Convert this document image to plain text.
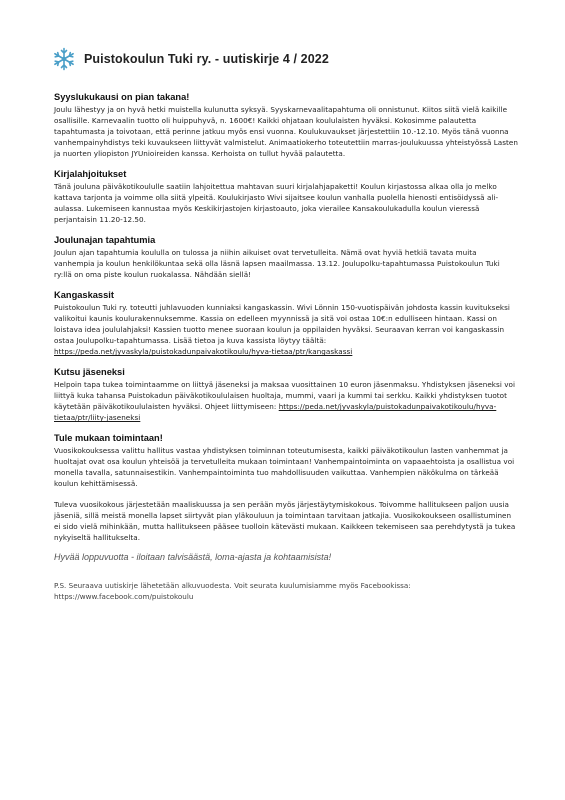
Puistokoulun Tuki ry. - uutiskirje 4 / 2022
Syyslukukausi on pian takana!

Joulu lähestyy ja on hyvä hetki muistella kulunutta syksyä. Syyskarnevaalitapahtuma oli onnistunut. Kiitos siitä vielä kaikille osallisille. Karnevaalin tuotto oli huippuhyvä, n. 1600€! Kaikki ohjataan koululaisten hyväksi. Kokosimme palautetta tapahtumasta ja toivotaan, että perinne jatkuu myös ensi vuonna. Koulukuvaukset järjestettiin 10.-12.10. Myös tänä vuonna vanhempainyhdistys teki kuvaukseen liittyvät valmistelut. Animaatiokerho toteutettiin marras-joulukuussa yhteistyössä Lasten ja nuorten yliopiston JYUnioireiden kanssa. Kerhoista on tullut hyvää palautetta.

Kirjalahjoitukset

Tänä jouluna päiväkotikoululle saatiin lahjoitettua mahtavan suuri kirjalahjapaketti! Koulun kirjastossa alkaa olla jo melko kattava tarjonta ja voimme olla siitä ylpeitä. Koulukirjasto Wivi sijaitsee koulun vanhalla puolella hienosti entisöidyssä ali-aulassa. Lukemiseen kannustaa myös Keskikirjastojen kirjastoauto, joka vierailee Kansakoulukadulla koulun vieressä perjantaisin 11.20-12.50.

Joulunajan tapahtumia

Joulun ajan tapahtumia koululla on tulossa ja niihin aikuiset ovat tervetulleita. Nämä ovat hyviä hetkiä tavata muita vanhempia ja koulun henkilökuntaa sekä olla läsnä lapsen maailmassa. 13.12. Joulupolku-tapahtumassa Puistokoulun Tuki ry:llä on oma piste koulun ruokalassa. Nähdään siellä!

Kangaskassit

Puistokoulun Tuki ry. toteutti juhlavuoden kunniaksi kangaskassin. Wivi Lönnin 150-vuotispäivän johdosta kassin kuvitukseksi valikoitui kaunis koulurakennuksemme. Kassia on edelleen myynnissä ja sitä voi ostaa 10€:n edulliseen hintaan. Kassi on loistava idea joululahjaksi! Kassien tuotto menee suoraan koulun ja oppilaiden hyväksi. Seuraavan kerran voi kangaskassin ostaa Joulupolku-tapahtumassa. Lisää tietoa ja kuva kassista löytyy täältä: https://peda.net/jyvaskyla/puistokadunpaivakotikoulu/hyva-tietaa/ptr/kangaskassi

Kutsu jäseneksi

Helpoin tapa tukea toimintaamme on liittyä jäseneksi ja maksaa vuosittainen 10 euron jäsenmaksu. Yhdistyksen jäseneksi voi liittyä kuka tahansa Puistokadun päiväkotikoululaisen huoltaja, mummi, vaari ja kummi tai serkku. Kaikki yhdistyksen tuotot käytetään päiväkotikoululaisten hyväksi. Ohjeet liittymiseen: https://peda.net/jyvaskyla/puistokadunpaivakotikoulu/hyva-tietaa/ptr/liity-jaseneksi

Tule mukaan toimintaan!

Vuosikokouksessa valittu hallitus vastaa yhdistyksen toiminnan toteutumisesta, kaikki päiväkotikoulun lasten vanhemmat ja huoltajat ovat osa koulun yhteisöä ja tervetulleita mukaan toimintaan! Vanhempaintoiminta on vapaaehtoista ja osallistua voi monella tavalla, satunnaisestikin. Vanhempaintoiminta tuo mahdollisuuden vaikuttaa. Vanhempien näkökulma on tärkeää koulun kehittämisessä.

Tuleva vuosikokous järjestetään maaliskuussa ja sen perään myös järjestäytymiskokous. Toivomme hallitukseen paljon uusia jäseniä, sillä meistä monella lapset siirtyvät pian yläkouluun ja toimintaan tarvitaan jatkajia. Vuosikokoukseen osallistuminen ei sido vielä mihinkään, mutta hallitukseen pääsee tuolloin kätevästi mukaan. Kaikkeen tekemiseen saa perehdytystä ja tukea nykyiseltä hallitukselta.

Hyvää loppuvuotta - iloitaan talvisäästä, loma-ajasta ja kohtaamisista!
P.S. Seuraava uutiskirje lähetetään alkuvuodesta. Voit seurata kuulumisiamme myös Facebookissa: https://www.facebook.com/puistokoulu
